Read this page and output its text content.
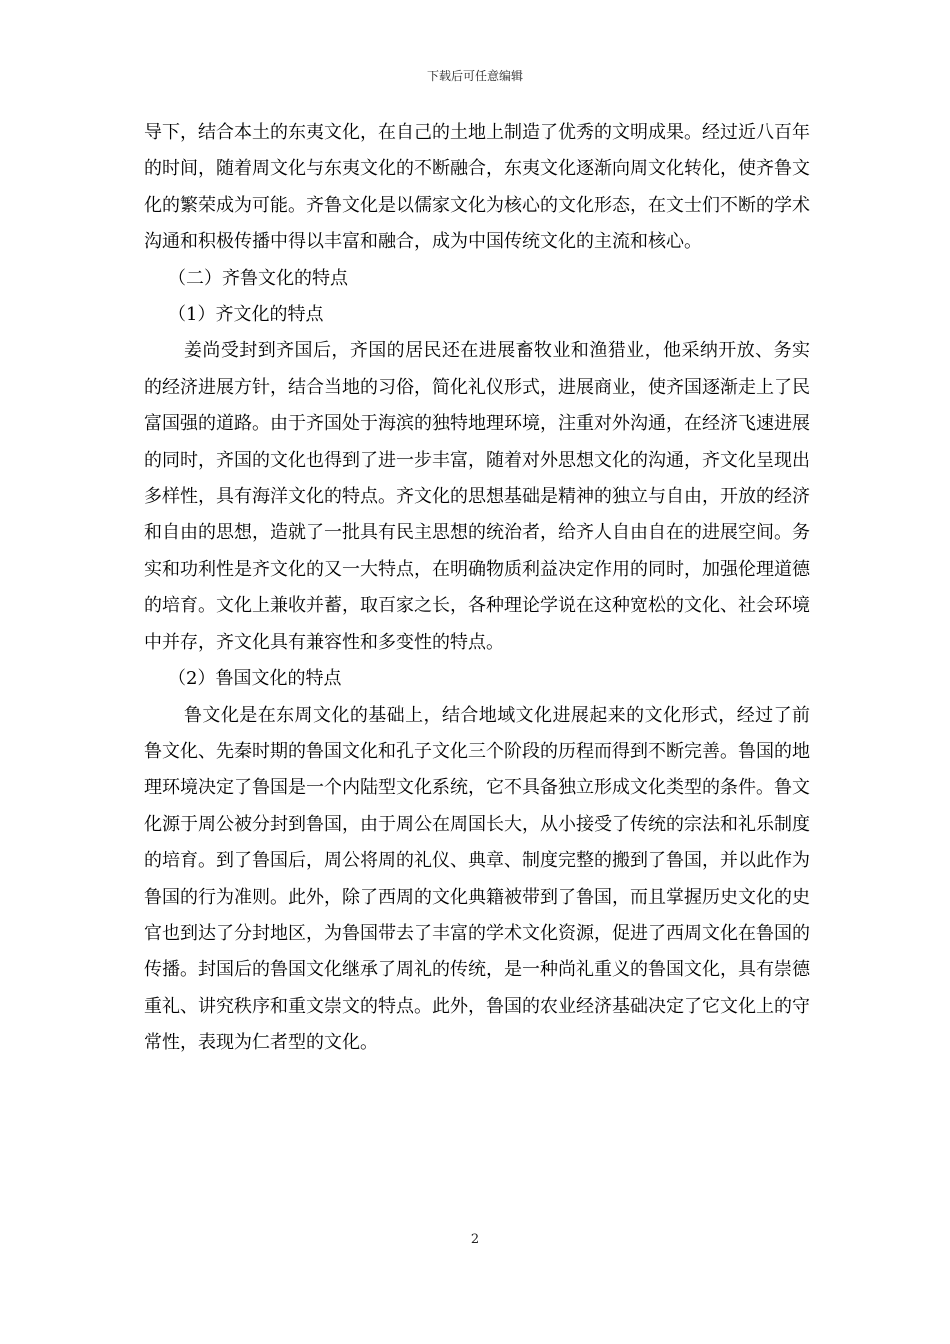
下载后可任意编辑

导下，结合本土的东夷文化，在自己的土地上制造了优秀的文明成果。经过近八百年的时间，随着周文化与东夷文化的不断融合，东夷文化逐渐向周文化转化，使齐鲁文化的繁荣成为可能。齐鲁文化是以儒家文化为核心的文化形态，在文士们不断的学术沟通和积极传播中得以丰富和融合，成为中国传统文化的主流和核心。

（二）齐鲁文化的特点

（1）齐文化的特点

姜尚受封到齐国后，齐国的居民还在进展畜牧业和渔猎业，他采纳开放、务实的经济进展方针，结合当地的习俗，简化礼仪形式，进展商业，使齐国逐渐走上了民富国强的道路。由于齐国处于海滨的独特地理环境，注重对外沟通，在经济飞速进展的同时，齐国的文化也得到了进一步丰富，随着对外思想文化的沟通，齐文化呈现出多样性，具有海洋文化的特点。齐文化的思想基础是精神的独立与自由，开放的经济和自由的思想，造就了一批具有民主思想的统治者，给齐人自由自在的进展空间。务实和功利性是齐文化的又一大特点，在明确物质利益决定作用的同时，加强伦理道德的培育。文化上兼收并蓄，取百家之长，各种理论学说在这种宽松的文化、社会环境中并存，齐文化具有兼容性和多变性的特点。

（2）鲁国文化的特点

鲁文化是在东周文化的基础上，结合地域文化进展起来的文化形式，经过了前鲁文化、先秦时期的鲁国文化和孔子文化三个阶段的历程而得到不断完善。鲁国的地理环境决定了鲁国是一个内陆型文化系统，它不具备独立形成文化类型的条件。鲁文化源于周公被分封到鲁国，由于周公在周国长大，从小接受了传统的宗法和礼乐制度的培育。到了鲁国后，周公将周的礼仪、典章、制度完整的搬到了鲁国，并以此作为鲁国的行为准则。此外，除了西周的文化典籍被带到了鲁国，而且掌握历史文化的史官也到达了分封地区，为鲁国带去了丰富的学术文化资源，促进了西周文化在鲁国的传播。封国后的鲁国文化继承了周礼的传统，是一种尚礼重义的鲁国文化，具有崇德重礼、讲究秩序和重文崇文的特点。此外，鲁国的农业经济基础决定了它文化上的守常性，表现为仁者型的文化。

2
